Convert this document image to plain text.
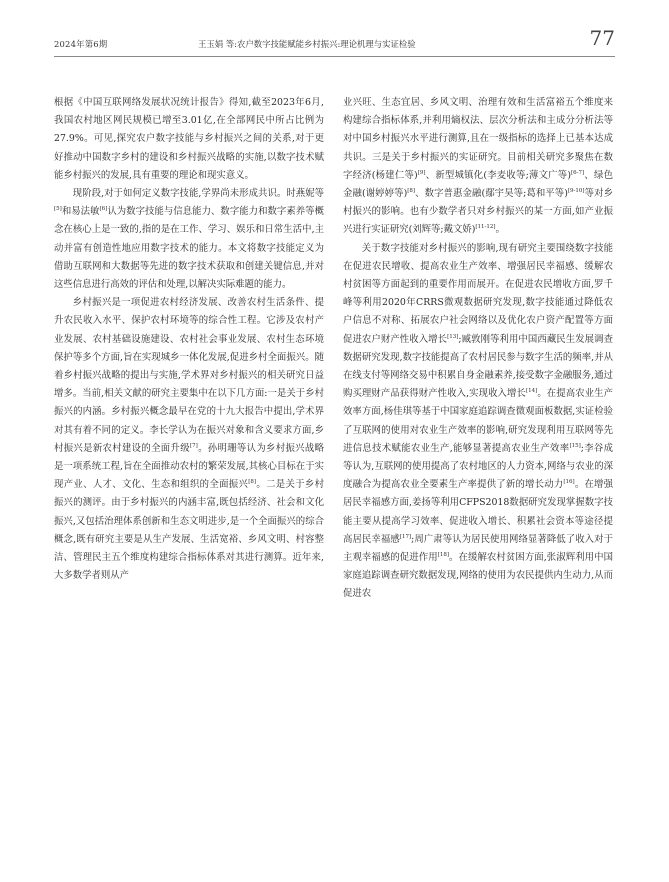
2024年第6期	王玉娟 等:农户数字技能赋能乡村振兴:理论机理与实证检验	77

根据《中国互联网络发展状况统计报告》得知,截至2023年6月,我国农村地区网民规模已增至3.01亿,在全部网民中所占比例为27.9%。可见,探究农户数字技能与乡村振兴之间的关系,对于更好推动中国数字乡村的建设和乡村振兴战略的实施,以数字技术赋能乡村振兴的发展,具有重要的理论和现实意义。

现阶段,对于如何定义数字技能,学界尚未形成共识。时燕妮等[5]和易法敏[6]认为数字技能与信息能力、数字能力和数字素养等概念在核心上是一致的,指的是在工作、学习、娱乐和日常生活中,主动并富有创造性地应用数字技术的能力。本文将数字技能定义为借助互联网和大数据等先进的数字技术获取和创建关键信息,并对这些信息进行高效的评估和处理,以解决实际难题的能力。

乡村振兴是一项促进农村经济发展、改善农村生活条件、提升农民收入水平、保护农村环境等的综合性工程。它涉及农村产业发展、农村基础设施建设、农村社会事业发展、农村生态环境保护等多个方面,旨在实现城乡一体化发展,促进乡村全面振兴。随着乡村振兴战略的提出与实施,学术界对乡村振兴的相关研究日益增多。当前,相关文献的研究主要集中在以下几方面:一是关于乡村振兴的内涵。乡村振兴概念最早在党的十九大报告中提出,学术界对其有着不同的定义。李长学认为在振兴对象和含义要求方面,乡村振兴是新农村建设的全面升级[7]。孙明珊等认为乡村振兴战略是一项系统工程,旨在全面推动农村的繁荣发展,其核心目标在于实现产业、人才、文化、生态和组织的全面振兴[8]。二是关于乡村振兴的测评。由于乡村振兴的内涵丰富,既包括经济、社会和文化振兴,又包括治理体系创新和生态文明进步,是一个全面振兴的综合概念,既有研究主要是从生产发展、生活宽裕、乡风文明、村容整洁、管理民主五个维度构建综合指标体系对其进行测算。近年来,大多数学者则从产

业兴旺、生态宜居、乡风文明、治理有效和生活富裕五个维度来构建综合指标体系,并利用熵权法、层次分析法和主成分分析法等对中国乡村振兴水平进行测算,且在一级指标的选择上已基本达成共识。三是关于乡村振兴的实证研究。目前相关研究多聚焦在数字经济(杨建仁等)[9]、新型城镇化(李麦收等;薄文广等)[6-7]、绿色金融(谢婷婷等)[8]、数字普惠金融(鄢宇昊等;葛和平等)[9-10]等对乡村振兴的影响。也有少数学者只对乡村振兴的某一方面,如产业振兴进行实证研究(刘辉等;戴文娇)[11-12]。

关于数字技能对乡村振兴的影响,现有研究主要围绕数字技能在促进农民增收、提高农业生产效率、增强居民幸福感、缓解农村贫困等方面起到的重要作用而展开。在促进农民增收方面,罗千峰等利用2020年CRRS微观数据研究发现,数字技能通过降低农户信息不对称、拓展农户社会网络以及优化农户资产配置等方面促进农户财产性收入增长[13];臧敦刚等利用中国西藏民生发展调查数据研究发现,数字技能提高了农村居民参与数字生活的频率,并从在线支付等网络交易中积累自身金融素养,接受数字金融服务,通过购买理财产品获得财产性收入,实现收入增长[14]。在提高农业生产效率方面,杨佳琪等基于中国家庭追踪调查微观面板数据,实证检验了互联网的使用对农业生产效率的影响,研究发现利用互联网等先进信息技术赋能农业生产,能够显著提高农业生产效率[15];李谷成等认为,互联网的使用提高了农村地区的人力资本,网络与农业的深度融合为提高农业全要素生产率提供了新的增长动力[16]。在增强居民幸福感方面,姜扬等利用CFPS2018数据研究发现掌握数字技能主要从提高学习效率、促进收入增长、积累社会资本等途径提高居民幸福感[17];周广肃等认为居民使用网络显著降低了收入对于主观幸福感的促进作用[18]。在缓解农村贫困方面,张淑辉利用中国家庭追踪调查研究数据发现,网络的使用为农民提供内生动力,从而促进农
